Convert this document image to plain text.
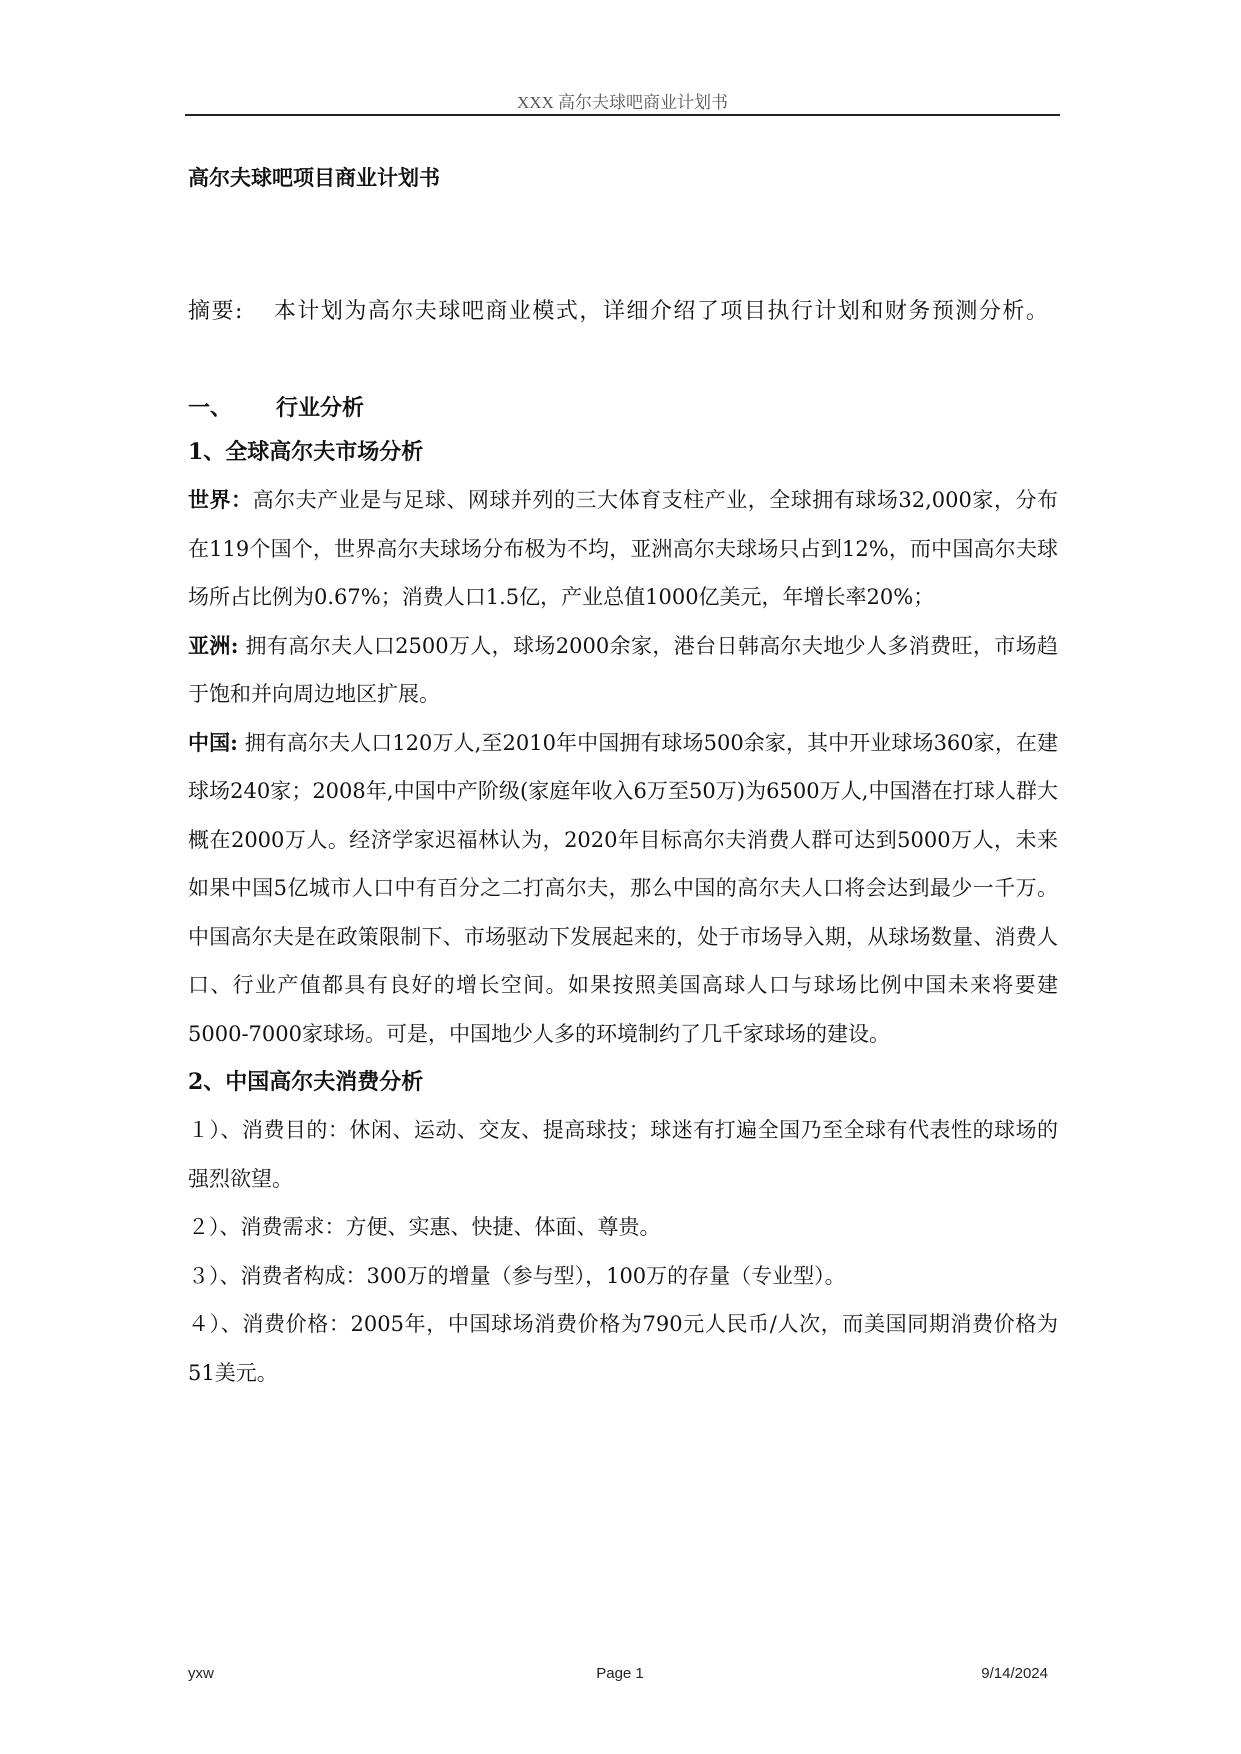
XXX 高尔夫球吧商业计划书
高尔夫球吧项目商业计划书
摘要: 本计划为高尔夫球吧商业模式，详细介绍了项目执行计划和财务预测分析。
一、 行业分析
1、全球高尔夫市场分析

世界：高尔夫产业是与足球、网球并列的三大体育支柱产业，全球拥有球场32,000家，分布在119个国个，世界高尔夫球场分布极为不均，亚洲高尔夫球场只占到12%，而中国高尔夫球场所占比例为0.67%；消费人口1.5亿，产业总值1000亿美元，年增长率20%；

亚洲: 拥有高尔夫人口2500万人，球场2000余家，港台日韩高尔夫地少人多消费旺，市场趋于饱和并向周边地区扩展。

中国: 拥有高尔夫人口120万人,至2010年中国拥有球场500余家，其中开业球场360家，在建球场240家；2008年,中国中产阶级(家庭年收入6万至50万)为6500万人,中国潜在打球人群大概在2000万人。经济学家迟福林认为，2020年目标高尔夫消费人群可达到5000万人，未来如果中国5亿城市人口中有百分之二打高尔夫，那么中国的高尔夫人口将会达到最少一千万。中国高尔夫是在政策限制下、市场驱动下发展起来的，处于市场导入期，从球场数量、消费人口、行业产值都具有良好的增长空间。如果按照美国高球人口与球场比例中国未来将要建5000-7000家球场。可是，中国地少人多的环境制约了几千家球场的建设。

2、中国高尔夫消费分析

１）、消费目的：休闲、运动、交友、提高球技；球迷有打遍全国乃至全球有代表性的球场的强烈欲望。

２）、消费需求：方便、实惠、快捷、体面、尊贵。

３）、消费者构成：300万的增量（参与型），100万的存量（专业型）。

４）、消费价格：2005年，中国球场消费价格为790元人民币/人次，而美国同期消费价格为51美元。

yxw	Page 1	9/14/2024
